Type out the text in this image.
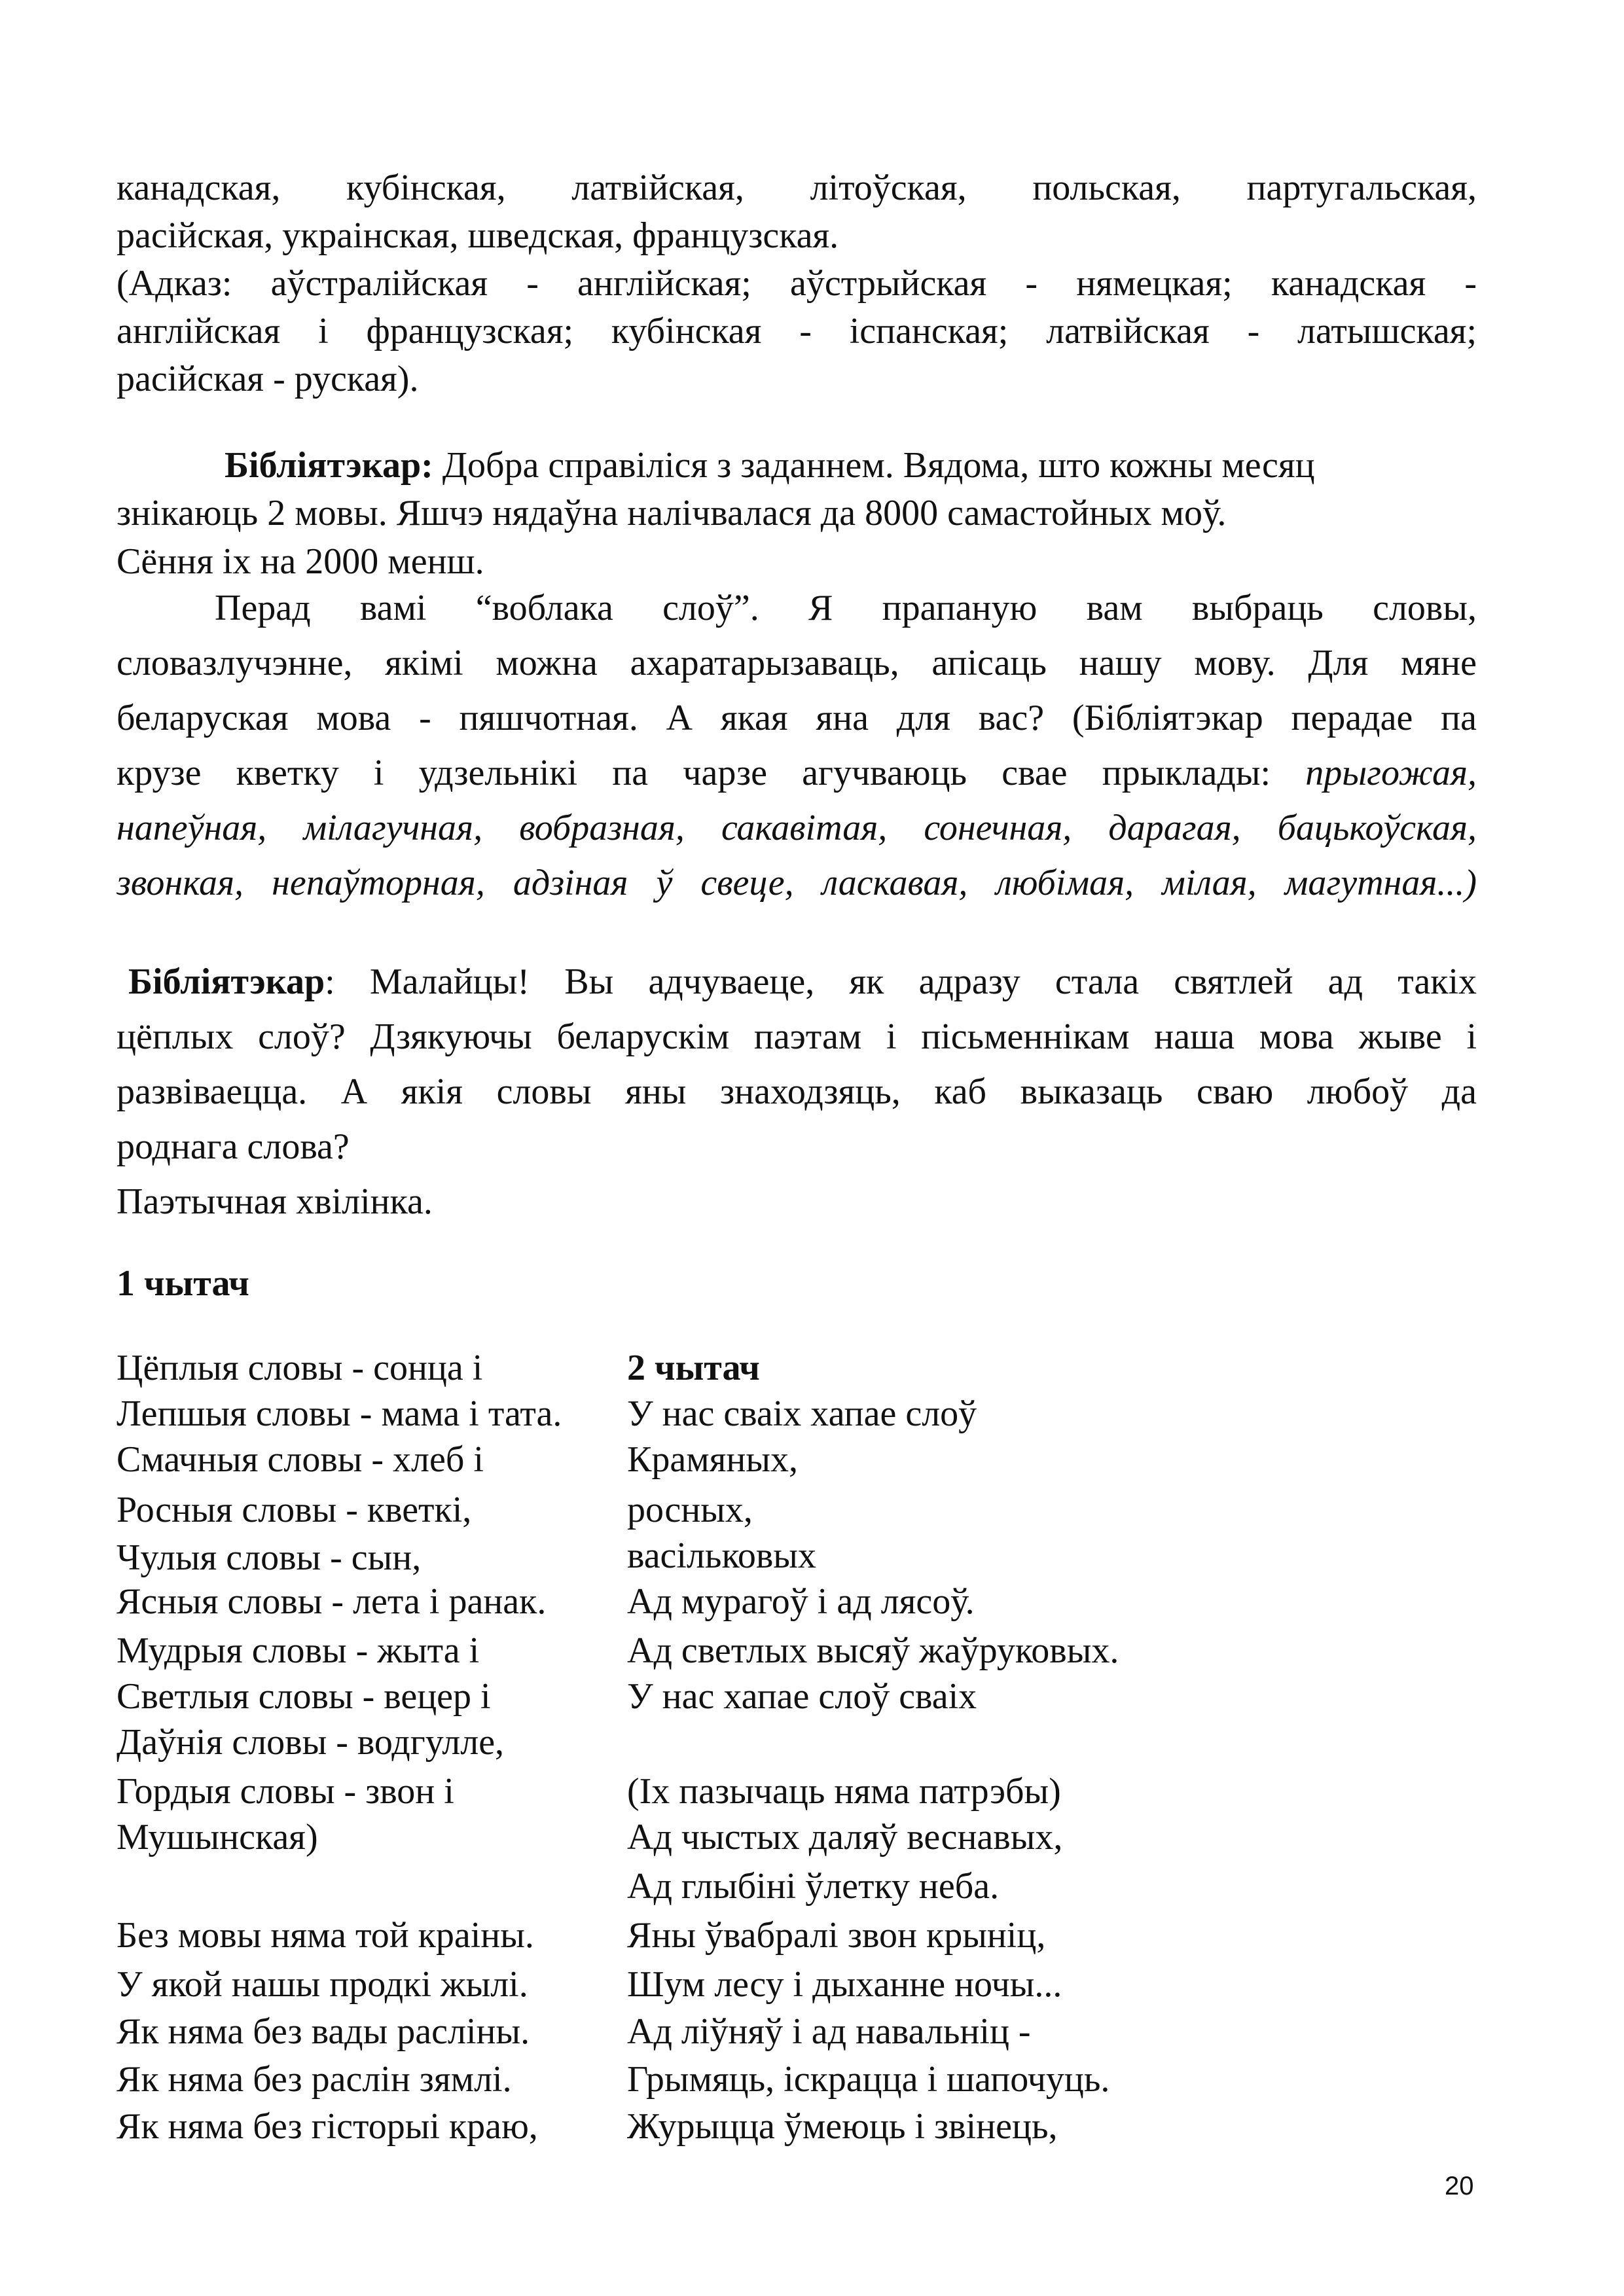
канадская, кубінская, латвійская, літоўская, польская, партугальская,
расійская, украінская, шведская, французская.
(Адказ: аўстралійская - англійская; аўстрыйская - нямецкая; канадская -
англійская і французская; кубінская - іспанская; латвійская - латышская;
расійская - руская).
Бібліятэкар: Добра справіліся з заданнем. Вядома, што кожны месяц
знікаюць 2 мовы. Яшчэ нядаўна налічвалася да 8000 самастойных моў.
Сёння іх на 2000 менш.
Перад вамі “воблака слоў”. Я прапаную вам выбраць словы,
словазлучэнне, якімі можна ахаратарызаваць, апісаць нашу мову. Для мяне
беларуская мова - пяшчотная. А якая яна для вас? (Бібліятэкар перадае па
крузе кветку і удзельнікі па чарзе агучваюць сваe прыклады: прыгожая,
напеўная, мілагучная, вобразная, сакавітая, сонечная, дарагая, бацькоўская,
звонкая, непаўторная, адзіная ў свеце, ласкавая, любімая, мілая, магутная...)
Бібліятэкар: Малайцы! Вы адчуваеце, як адразу стала святлей ад такіх
цёплых слоў? Дзякуючы беларускім паэтам і пісьменнікам наша мова жыве і
развіваецца. А якія словы яны знаходзяць, каб выказаць сваю любоў да
роднага слова?
Паэтычная хвілінка.
1 чытач
Цёплыя словы - сонца і
Лепшыя словы - мама і тата.
Смачныя словы - хлеб і
Росныя словы - кветкі,
Чулыя словы - сын,
Ясныя словы - лета і ранак.
Мудрыя словы - жыта і
Светлыя словы - вецер і
Даўнія словы - водгулле,
Гордыя словы - звон і
Мушынская)
Без мовы няма той краіны.
У якой нашы продкі жылі.
Як няма без вады расліны.
Як няма без раслін зямлі.
Як няма без гісторыі краю,
2 чытач
У нас сваіх хапае слоў
Крамяных,
росных,
васільковых
Ад мурагоў і ад лясоў.
Ад светлых высяў жаўруковых.
У нас хапае слоў сваіх
(Іх пазычаць няма патрэбы)
Ад чыстых даляў веснавых,
Ад глыбіні ўлетку неба.
Яны ўвабралі звон крыніц,
Шум лесу і дыханне ночы...
Ад ліўняў і ад навальніц -
Грымяць, іскрацца і шапочуць.
Журыцца ўмеюць і звінець,
20
